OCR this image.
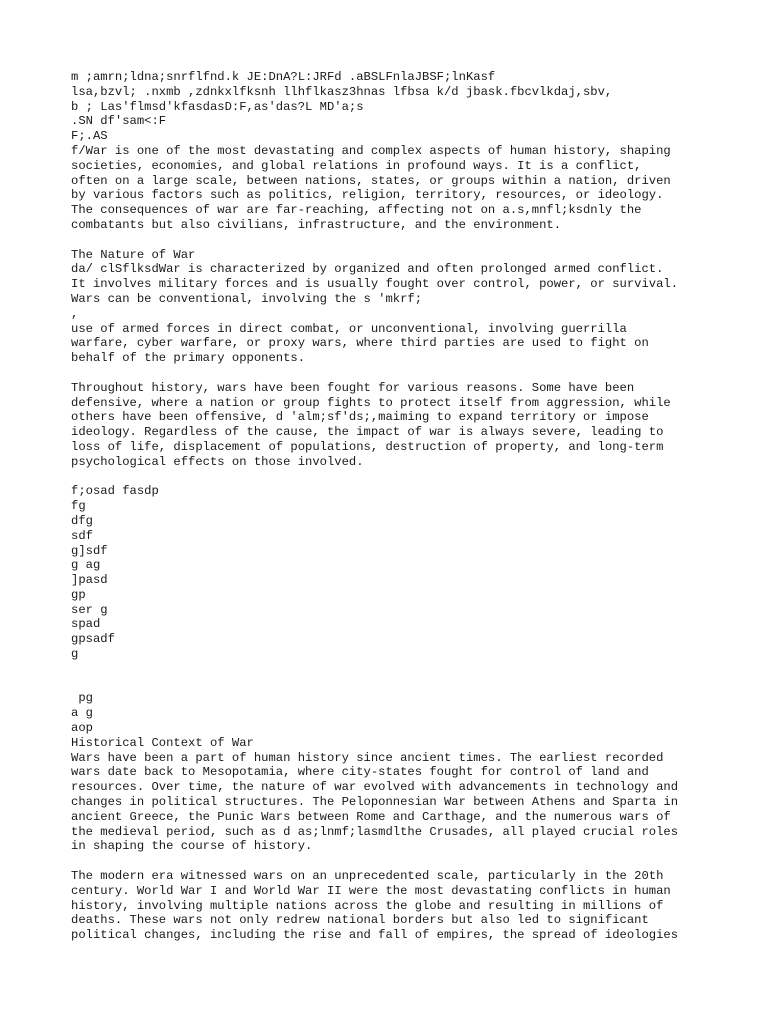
m ;amrn;ldna;snrflfnd.k JE:DnA?L:JRFd .aBSLFnlaJBSF;lnKasf
lsa,bzvl; .nxmb ,zdnkxlfksnh llhflkasz3hnas lfbsa k/d jbask.fbcvlkdaj,sbv,
b ; Las'flmsd'kfasdasD:F,as'das?L MD'a;s
.SN df'sam<:F
F;.AS
f/War is one of the most devastating and complex aspects of human history, shaping
societies, economies, and global relations in profound ways. It is a conflict,
often on a large scale, between nations, states, or groups within a nation, driven
by various factors such as politics, religion, territory, resources, or ideology.
The consequences of war are far-reaching, affecting not on a.s,mnfl;ksdnly the
combatants but also civilians, infrastructure, and the environment.
The Nature of War
da/ clSflksdWar is characterized by organized and often prolonged armed conflict.
It involves military forces and is usually fought over control, power, or survival.
Wars can be conventional, involving the s 'mkrf;
,
use of armed forces in direct combat, or unconventional, involving guerrilla
warfare, cyber warfare, or proxy wars, where third parties are used to fight on
behalf of the primary opponents.
Throughout history, wars have been fought for various reasons. Some have been
defensive, where a nation or group fights to protect itself from aggression, while
others have been offensive, d 'alm;sf'ds;,maiming to expand territory or impose
ideology. Regardless of the cause, the impact of war is always severe, leading to
loss of life, displacement of populations, destruction of property, and long-term
psychological effects on those involved.
f;osad fasdp
fg
dfg
sdf
g]sdf
g ag
]pasd
gp
ser g
spad
gpsadf
g
pg
a g
aop
Historical Context of War
Wars have been a part of human history since ancient times. The earliest recorded
wars date back to Mesopotamia, where city-states fought for control of land and
resources. Over time, the nature of war evolved with advancements in technology and
changes in political structures. The Peloponnesian War between Athens and Sparta in
ancient Greece, the Punic Wars between Rome and Carthage, and the numerous wars of
the medieval period, such as d as;lnmf;lasmdlthe Crusades, all played crucial roles
in shaping the course of history.
The modern era witnessed wars on an unprecedented scale, particularly in the 20th
century. World War I and World War II were the most devastating conflicts in human
history, involving multiple nations across the globe and resulting in millions of
deaths. These wars not only redrew national borders but also led to significant
political changes, including the rise and fall of empires, the spread of ideologies
